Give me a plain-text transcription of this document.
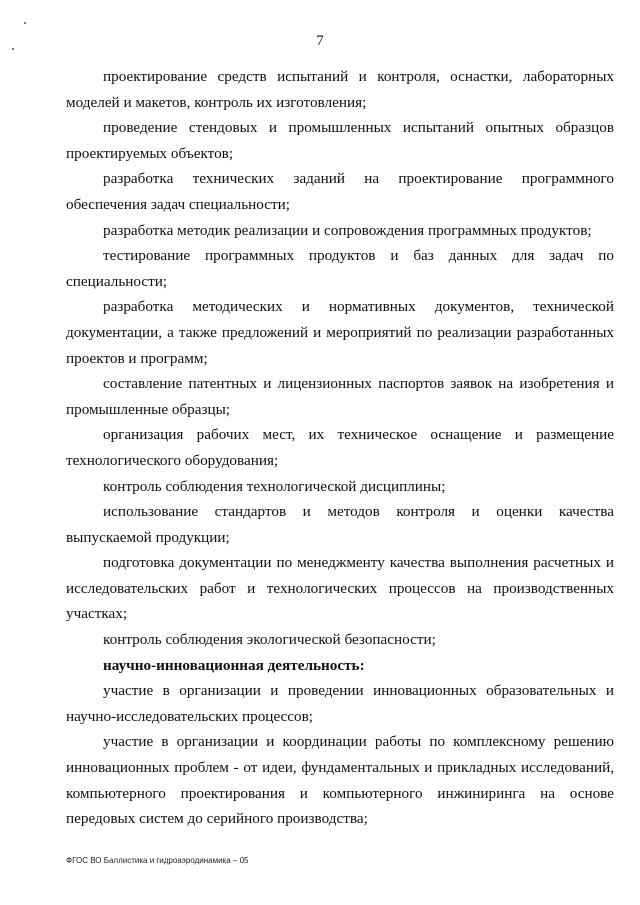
7

проектирование средств испытаний и контроля, оснастки, лабораторных моделей и макетов, контроль их изготовления;

проведение стендовых и промышленных испытаний опытных образцов проектируемых объектов;

разработка технических заданий на проектирование программного обеспечения задач специальности;

разработка методик реализации и сопровождения программных продуктов;

тестирование программных продуктов и баз данных для задач по специальности;

разработка методических и нормативных документов, технической документации, а также предложений и мероприятий по реализации разработанных проектов и программ;

составление патентных и лицензионных паспортов заявок на изобретения и промышленные образцы;

организация рабочих мест, их техническое оснащение и размещение технологического оборудования;

контроль соблюдения технологической дисциплины;

использование стандартов и методов контроля и оценки качества выпускаемой продукции;

подготовка документации по менеджменту качества выполнения расчетных и исследовательских работ и технологических процессов на производственных участках;

контроль соблюдения экологической безопасности;

научно-инновационная деятельность:

участие в организации и проведении инновационных образовательных и научно-исследовательских процессов;

участие в организации и координации работы по комплексному решению инновационных проблем - от идеи, фундаментальных и прикладных исследований, компьютерного проектирования и компьютерного инжиниринга на основе передовых систем до серийного производства;

ФГОС ВО Баллистика и гидроаэродинамика – 05
